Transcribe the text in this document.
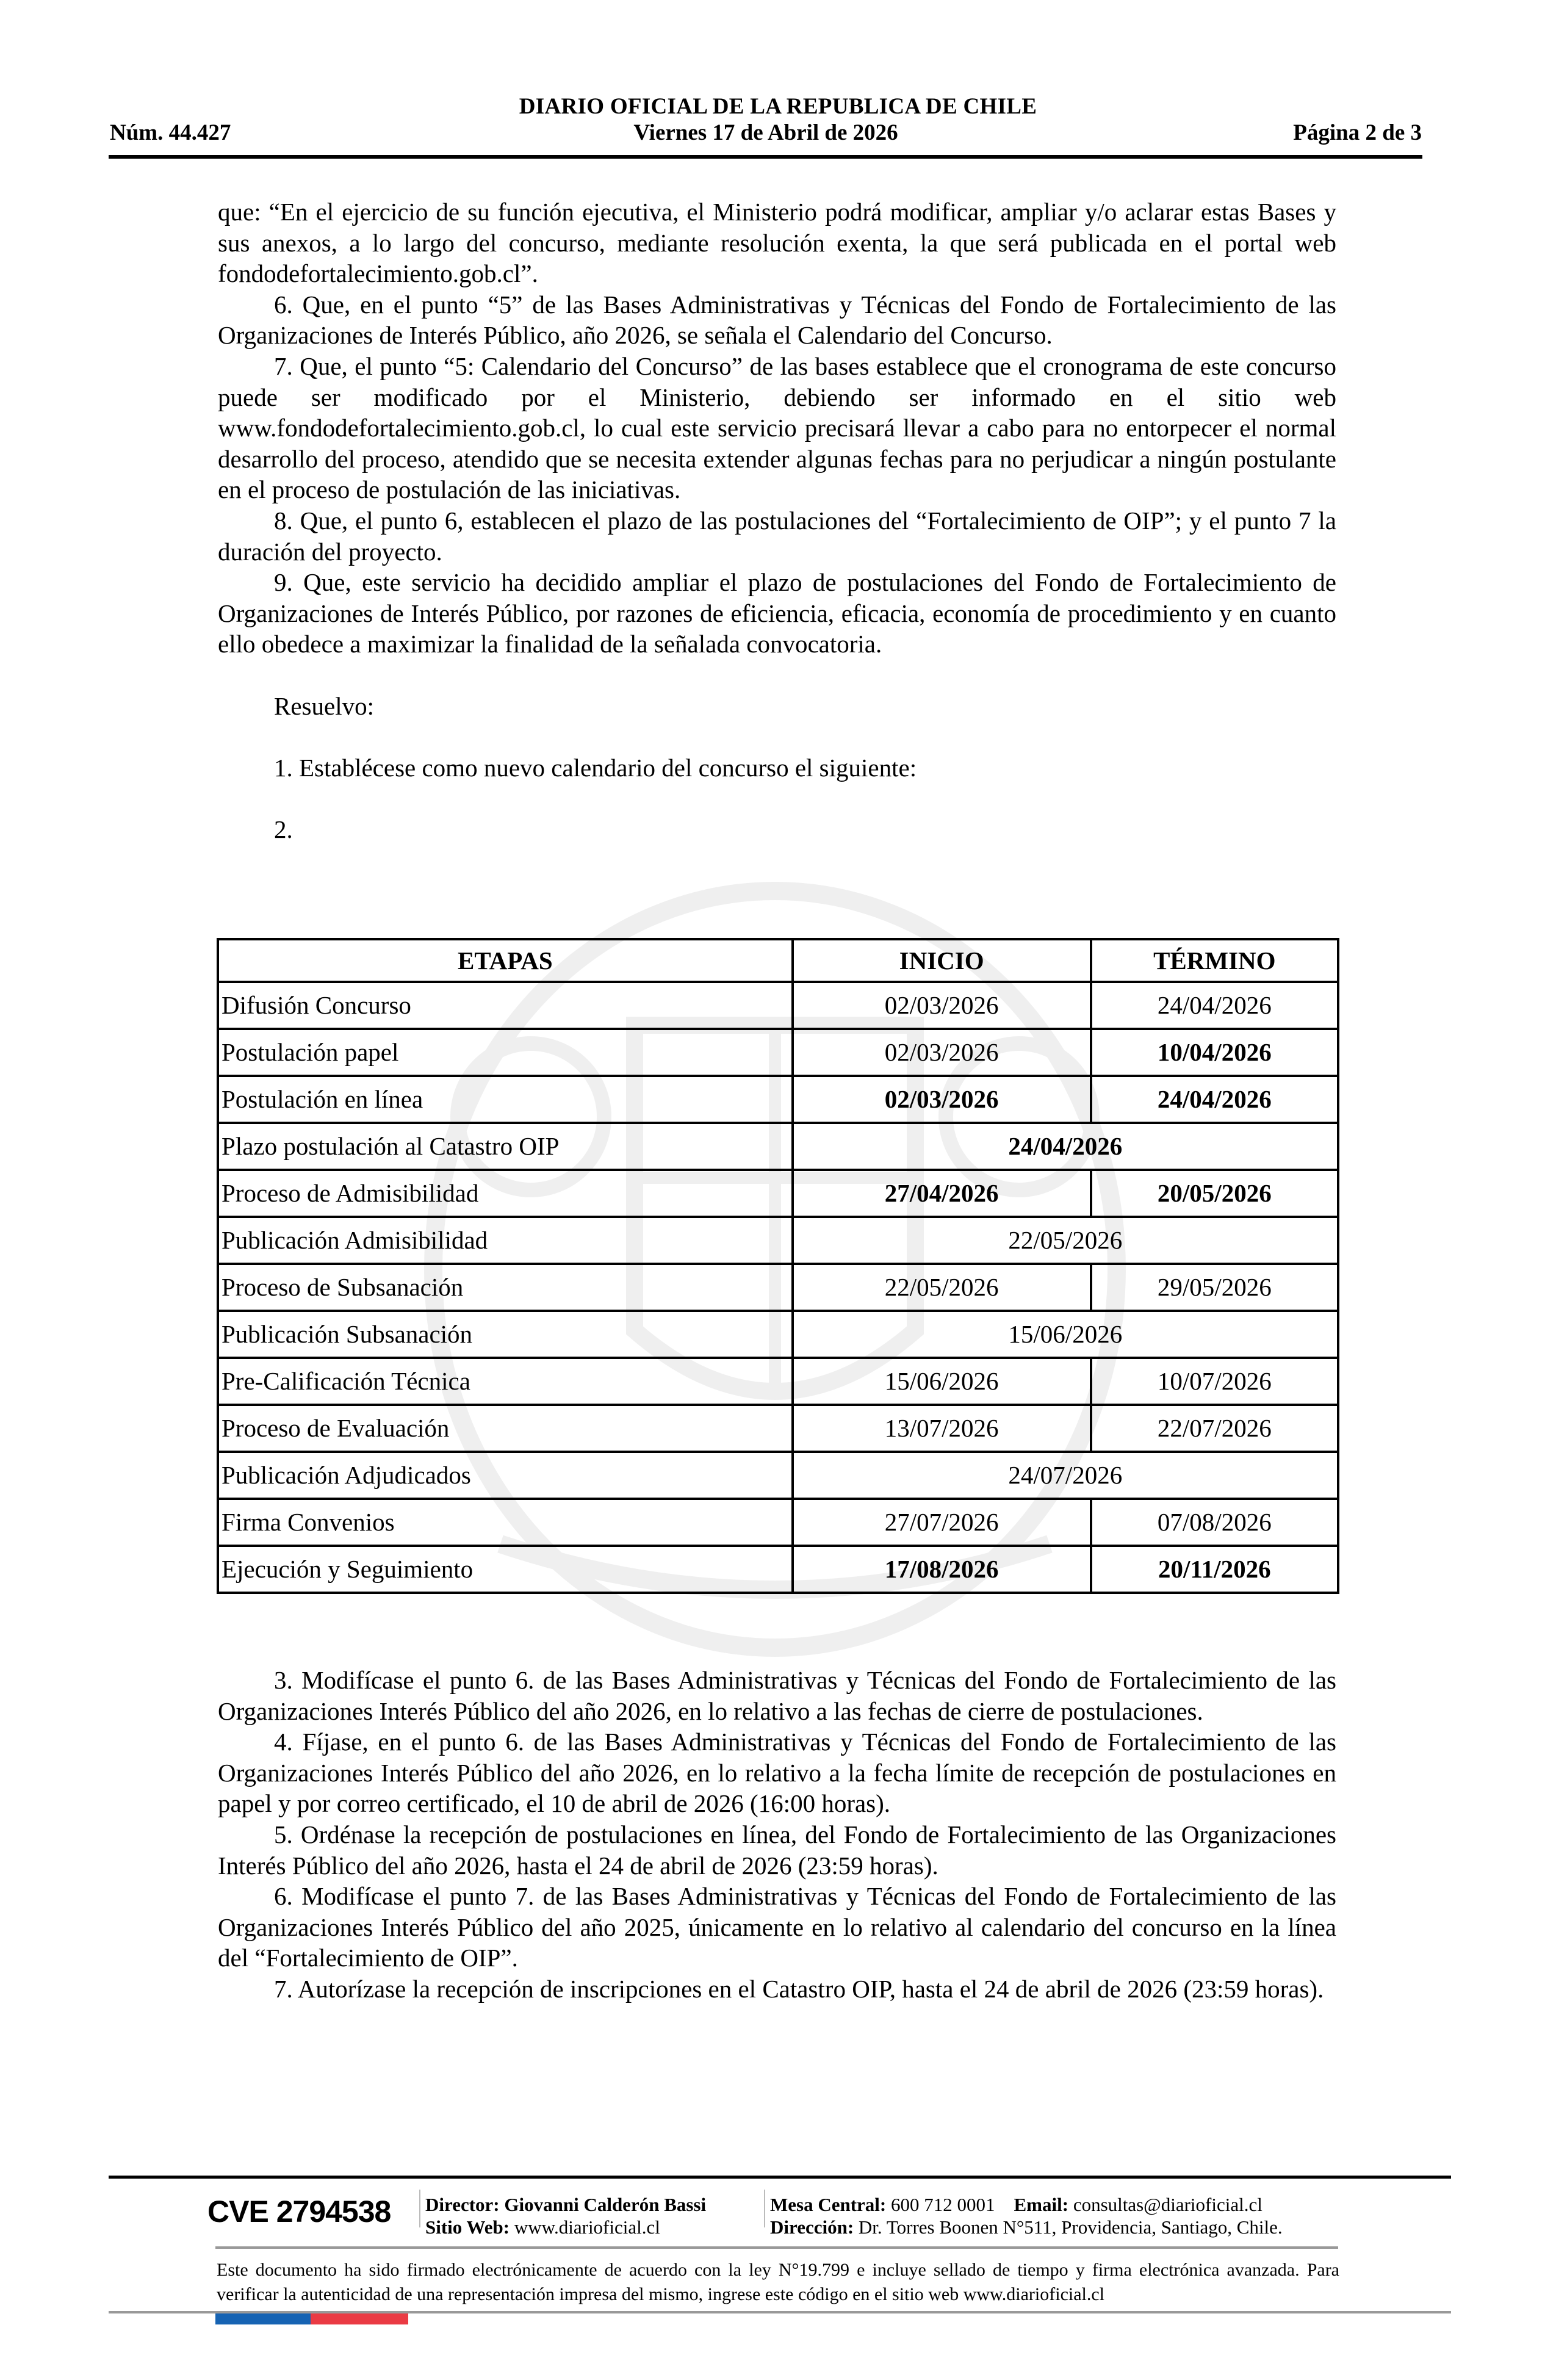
DIARIO OFICIAL DE LA REPUBLICA DE CHILE
Núm. 44.427	Viernes 17 de Abril de 2026	Página 2 de 3

que: “En el ejercicio de su función ejecutiva, el Ministerio podrá modificar, ampliar y/o aclarar estas Bases y sus anexos, a lo largo del concurso, mediante resolución exenta, la que será publicada en el portal web fondodefortalecimiento.gob.cl”.

6. Que, en el punto “5” de las Bases Administrativas y Técnicas del Fondo de Fortalecimiento de las Organizaciones de Interés Público, año 2026, se señala el Calendario del Concurso.

7. Que, el punto “5: Calendario del Concurso” de las bases establece que el cronograma de este concurso puede ser modificado por el Ministerio, debiendo ser informado en el sitio web www.fondodefortalecimiento.gob.cl, lo cual este servicio precisará llevar a cabo para no entorpecer el normal desarrollo del proceso, atendido que se necesita extender algunas fechas para no perjudicar a ningún postulante en el proceso de postulación de las iniciativas.

8. Que, el punto 6, establecen el plazo de las postulaciones del “Fortalecimiento de OIP”; y el punto 7 la duración del proyecto.

9. Que, este servicio ha decidido ampliar el plazo de postulaciones del Fondo de Fortalecimiento de Organizaciones de Interés Público, por razones de eficiencia, eficacia, economía de procedimiento y en cuanto ello obedece a maximizar la finalidad de la señalada convocatoria.

Resuelvo:

1. Establécese como nuevo calendario del concurso el siguiente:

2.

ETAPAS	INICIO	TÉRMINO
Difusión Concurso	02/03/2026	24/04/2026
Postulación papel	02/03/2026	10/04/2026
Postulación en línea	02/03/2026	24/04/2026
Plazo postulación al Catastro OIP	24/04/2026	
Proceso de Admisibilidad	27/04/2026	20/05/2026
Publicación Admisibilidad	22/05/2026	
Proceso de Subsanación	22/05/2026	29/05/2026
Publicación Subsanación	15/06/2026	
Pre-Calificación Técnica	15/06/2026	10/07/2026
Proceso de Evaluación	13/07/2026	22/07/2026
Publicación Adjudicados	24/07/2026	
Firma Convenios	27/07/2026	07/08/2026
Ejecución y Seguimiento	17/08/2026	20/11/2026

3. Modifícase el punto 6. de las Bases Administrativas y Técnicas del Fondo de Fortalecimiento de las Organizaciones Interés Público del año 2026, en lo relativo a las fechas de cierre de postulaciones.

4. Fíjase, en el punto 6. de las Bases Administrativas y Técnicas del Fondo de Fortalecimiento de las Organizaciones Interés Público del año 2026, en lo relativo a la fecha límite de recepción de postulaciones en papel y por correo certificado, el 10 de abril de 2026 (16:00 horas).

5. Ordénase la recepción de postulaciones en línea, del Fondo de Fortalecimiento de las Organizaciones Interés Público del año 2026, hasta el 24 de abril de 2026 (23:59 horas).

6. Modifícase el punto 7. de las Bases Administrativas y Técnicas del Fondo de Fortalecimiento de las Organizaciones Interés Público del año 2025, únicamente en lo relativo al calendario del concurso en la línea del “Fortalecimiento de OIP”.

7. Autorízase la recepción de inscripciones en el Catastro OIP, hasta el 24 de abril de 2026 (23:59 horas).

CVE 2794538 Director: Giovanni Calderón Bassi
Sitio Web: www.diarioficial.cl
Mesa Central: 600 712 0001 Email: consultas@diarioficial.cl
Dirección: Dr. Torres Boonen N°511, Providencia, Santiago, Chile.
Este documento ha sido firmado electrónicamente de acuerdo con la ley N°19.799 e incluye sellado de tiempo y firma electrónica avanzada. Para verificar la autenticidad de una representación impresa del mismo, ingrese este código en el sitio web www.diarioficial.cl
